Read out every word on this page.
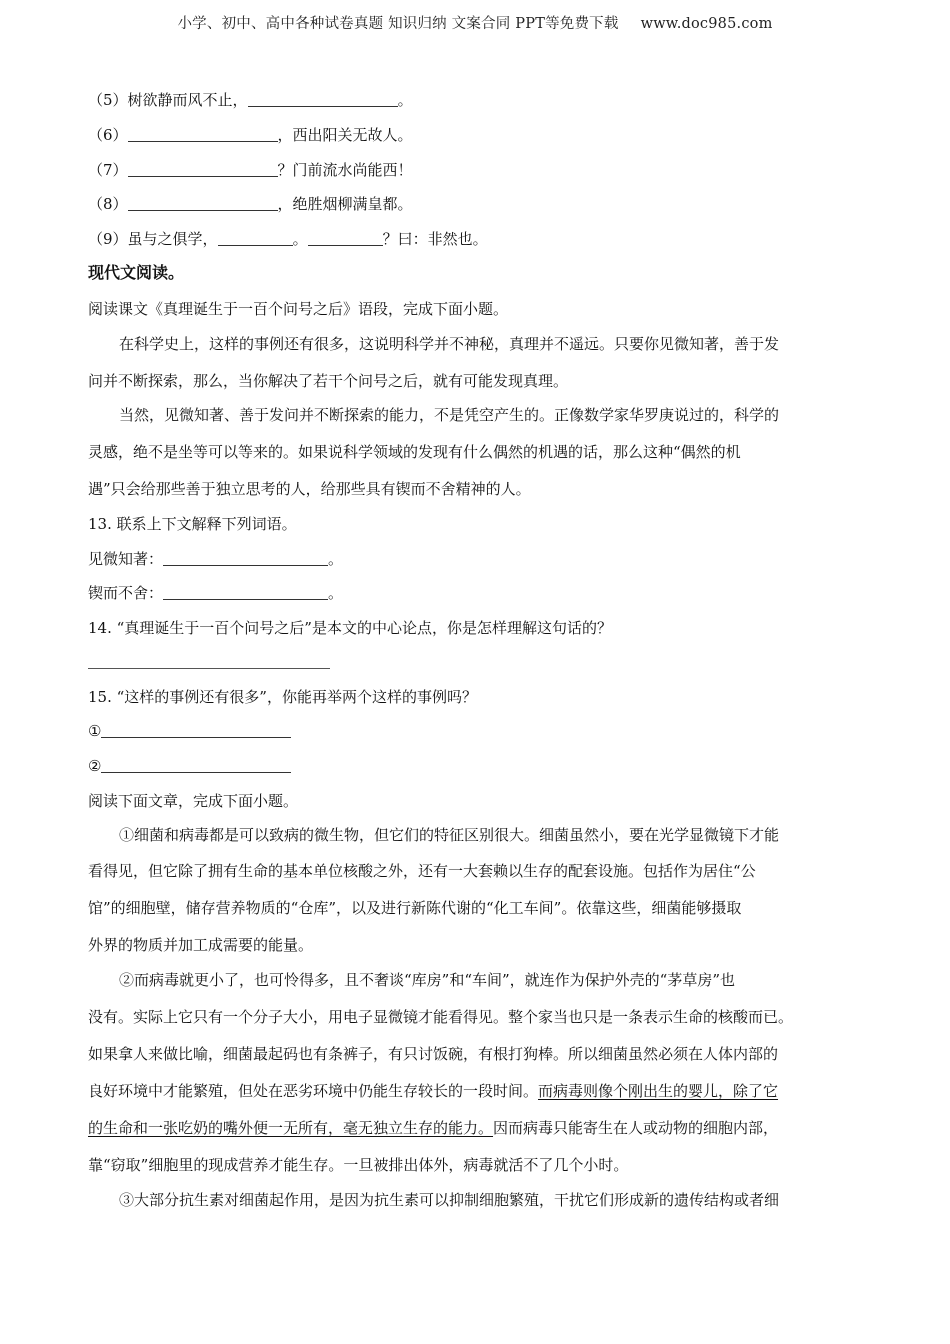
小学、初中、高中各种试卷真题 知识归纳 文案合同 PPT等免费下载 www.doc985.com
（5）树欲静而风不止，	。
（6）	，西出阳关无故人。
（7）	？门前流水尚能西！
（8）	，绝胜烟柳满皇都。
（9）虽与之俱学，	。	？曰：非然也。
现代文阅读。
阅读课文《真理诞生于一百个问号之后》语段，完成下面小题。
在科学史上，这样的事例还有很多，这说明科学并不神秘，真理并不遥远。只要你见微知著，善于发
问并不断探索，那么，当你解决了若干个问号之后，就有可能发现真理。
当然，见微知著、善于发问并不断探索的能力，不是凭空产生的。正像数学家华罗庚说过的，科学的
灵感，绝不是坐等可以等来的。如果说科学领域的发现有什么偶然的机遇的话，那么这种“偶然的机
遇”只会给那些善于独立思考的人，给那些具有锲而不舍精神的人。
13. 联系上下文解释下列词语。
见微知著：	。
锲而不舍：	。
14. “真理诞生于一百个问号之后”是本文的中心论点，你是怎样理解这句话的？
15. “这样的事例还有很多”，你能再举两个这样的事例吗？
①
②
阅读下面文章，完成下面小题。
①细菌和病毒都是可以致病的微生物，但它们的特征区别很大。细菌虽然小，要在光学显微镜下才能
看得见，但它除了拥有生命的基本单位核酸之外，还有一大套赖以生存的配套设施。包括作为居住“公
馆”的细胞壁，储存营养物质的“仓库”，以及进行新陈代谢的“化工车间”。依靠这些，细菌能够摄取
外界的物质并加工成需要的能量。
②而病毒就更小了，也可怜得多，且不奢谈“库房”和“车间”，就连作为保护外壳的“茅草房”也
没有。实际上它只有一个分子大小，用电子显微镜才能看得见。整个家当也只是一条表示生命的核酸而已。
如果拿人来做比喻，细菌最起码也有条裤子，有只讨饭碗，有根打狗棒。所以细菌虽然必须在人体内部的
良好环境中才能繁殖，但处在恶劣环境中仍能生存较长的一段时间。而病毒则像个刚出生的婴儿，除了它
的生命和一张吃奶的嘴外便一无所有，毫无独立生存的能力。因而病毒只能寄生在人或动物的细胞内部，
靠“窃取”细胞里的现成营养才能生存。一旦被排出体外，病毒就活不了几个小时。
③大部分抗生素对细菌起作用，是因为抗生素可以抑制细胞繁殖，干扰它们形成新的遗传结构或者细
